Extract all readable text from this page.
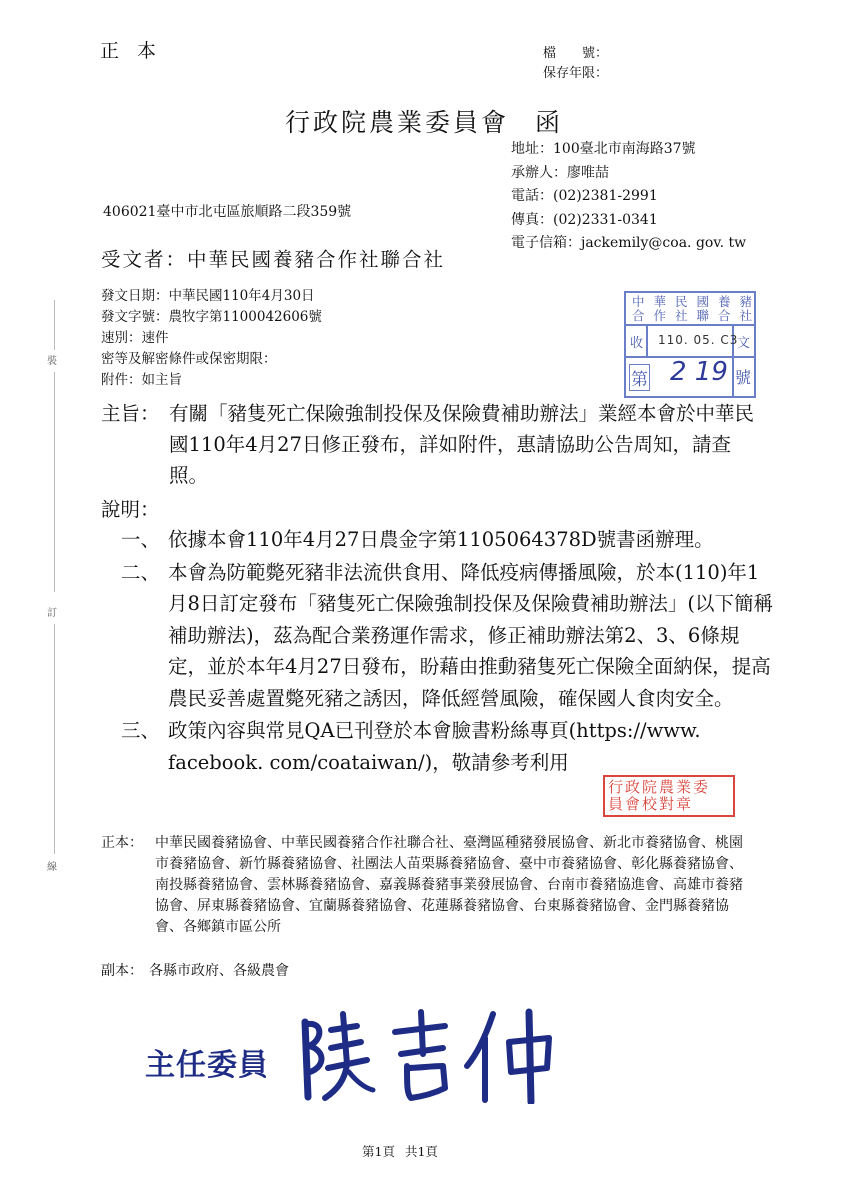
正本	檔　　號：
保存年限：
行政院農業委員會 函
地址：100臺北市南海路37號
承辦人：廖唯喆
電話：(02)2381-2991
傳真：(02)2331-0341
電子信箱：jackemily@coa. gov. tw
406021臺中市北屯區旅順路二段359號
受文者：中華民國養豬合作社聯合社
發文日期：中華民國110年4月30日
發文字號：農牧字第1100042606號
速別：速件
密等及解密條件或保密期限：
附件：如主旨
中華民國養豬
合作社聯合社
收 110. 05. C3
文
第 2 19 號
主旨： 有關「豬隻死亡保險強制投保及保險費補助辦法」業經本會於中華民國110年4月27日修正發布，詳如附件，惠請協助公告周知，請查照。
說明：
一、 依據本會110年4月27日農金字第1105064378D號書函辦理。
二、 本會為防範斃死豬非法流供食用、降低疫病傳播風險，於本(110)年1月8日訂定發布「豬隻死亡保險強制投保及保險費補助辦法」(以下簡稱補助辦法)，茲為配合業務運作需求，修正補助辦法第2、3、6條規定，並於本年4月27日發布，盼藉由推動豬隻死亡保險全面納保，提高農民妥善處置斃死豬之誘因，降低經營風險，確保國人食肉安全。
三、 政策內容與常見QA已刊登於本會臉書粉絲專頁(https://www. facebook. com/coataiwan/)，敬請參考利用
行政院農業委
員會校對章
正本： 中華民國養豬協會、中華民國養豬合作社聯合社、臺灣區種豬發展協會、新北市養豬協會、桃園市養豬協會、新竹縣養豬協會、社團法人苗栗縣養豬協會、臺中市養豬協會、彰化縣養豬協會、南投縣養豬協會、雲林縣養豬協會、嘉義縣養豬事業發展協會、台南市養豬協進會、高雄市養豬協會、屏東縣養豬協會、宜蘭縣養豬協會、花蓮縣養豬協會、台東縣養豬協會、金門縣養豬協會、各鄉鎮市區公所
副本： 各縣市政府、各級農會
主任委員
第1頁 共1頁
裝
訂
線
